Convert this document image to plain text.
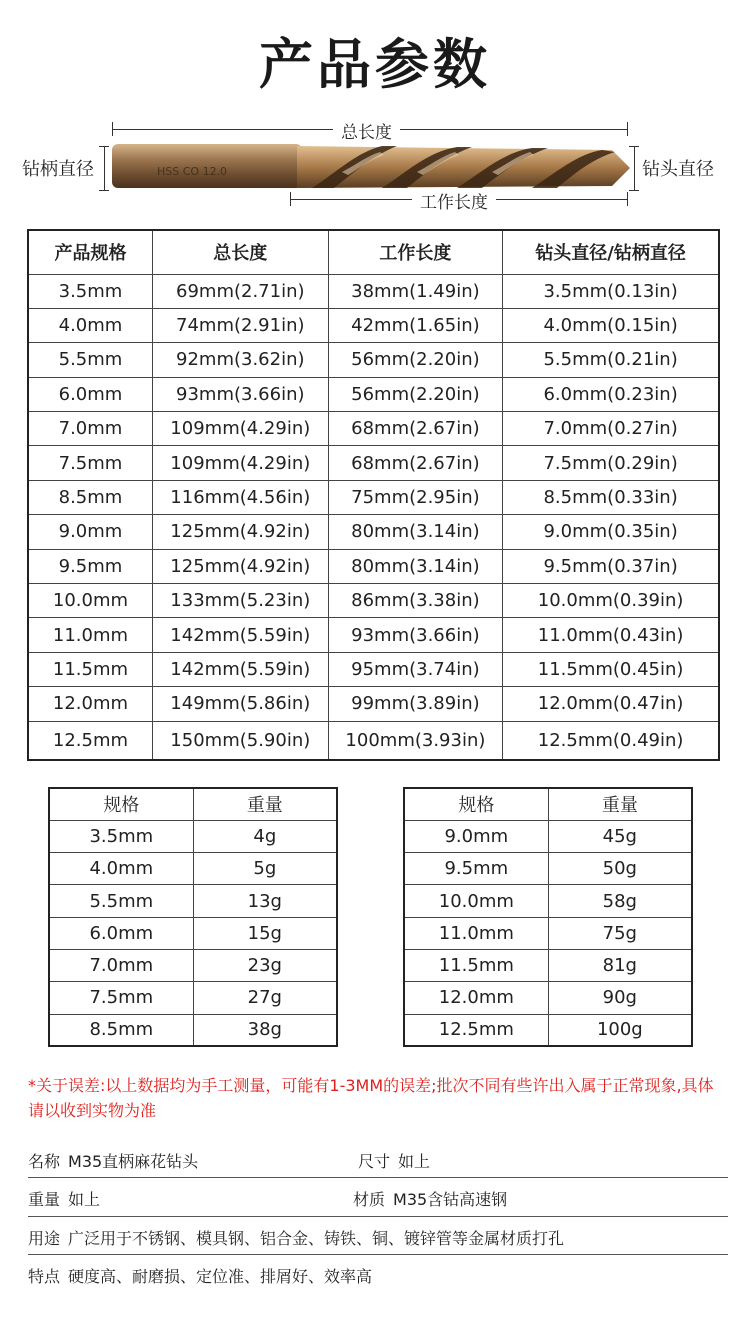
产品参数
总长度
钻柄直径	钻头直径
HSS CO 12.0
工作长度
产品规格	总长度	工作长度	钻头直径/钻柄直径
3.5mm	69mm(2.71in)	38mm(1.49in)	3.5mm(0.13in)
4.0mm	74mm(2.91in)	42mm(1.65in)	4.0mm(0.15in)
5.5mm	92mm(3.62in)	56mm(2.20in)	5.5mm(0.21in)
6.0mm	93mm(3.66in)	56mm(2.20in)	6.0mm(0.23in)
7.0mm	109mm(4.29in)	68mm(2.67in)	7.0mm(0.27in)
7.5mm	109mm(4.29in)	68mm(2.67in)	7.5mm(0.29in)
8.5mm	116mm(4.56in)	75mm(2.95in)	8.5mm(0.33in)
9.0mm	125mm(4.92in)	80mm(3.14in)	9.0mm(0.35in)
9.5mm	125mm(4.92in)	80mm(3.14in)	9.5mm(0.37in)
10.0mm	133mm(5.23in)	86mm(3.38in)	10.0mm(0.39in)
11.0mm	142mm(5.59in)	93mm(3.66in)	11.0mm(0.43in)
11.5mm	142mm(5.59in)	95mm(3.74in)	11.5mm(0.45in)
12.0mm	149mm(5.86in)	99mm(3.89in)	12.0mm(0.47in)
12.5mm	150mm(5.90in)	100mm(3.93in)	12.5mm(0.49in)
规格	重量
3.5mm	4g
4.0mm	5g
5.5mm	13g
6.0mm	15g
7.0mm	23g
7.5mm	27g
8.5mm	38g
规格	重量
9.0mm	45g
9.5mm	50g
10.0mm	58g
11.0mm	75g
11.5mm	81g
12.0mm	90g
12.5mm	100g
*关于误差:以上数据均为手工测量，可能有1-3MM的误差;批次不同有些许出入属于正常现象,具体请以收到实物为准
名称 M35直柄麻花钻头	尺寸 如上
重量 如上	材质 M35含钴高速钢
用途 广泛用于不锈钢、模具钢、铝合金、铸铁、铜、镀锌管等金属材质打孔
特点 硬度高、耐磨损、定位准、排屑好、效率高
